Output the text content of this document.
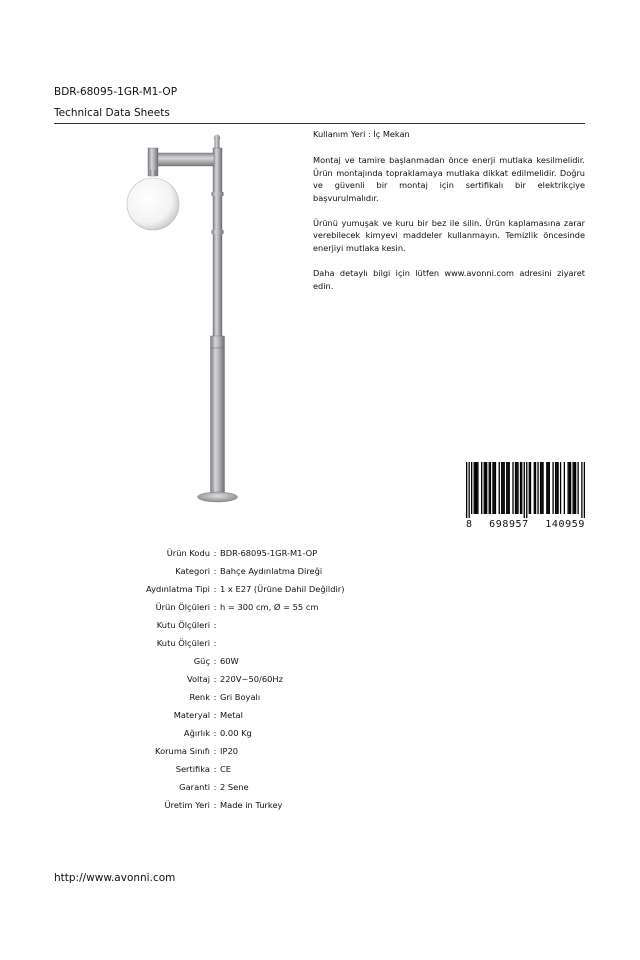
BDR-68095-1GR-M1-OP
Technical Data Sheets

Kullanım Yeri : İç Mekan

Montaj ve tamire başlanmadan önce enerji mutlaka kesilmelidir. Ürün montajında topraklamaya mutlaka dikkat edilmelidir. Doğru ve güvenli bir montaj için sertifikalı bir elektrikçiye başvurulmalıdır.

Ürünü yumuşak ve kuru bir bez ile silin. Ürün kaplamasına zarar verebilecek kimyevi maddeler kullanmayın. Temizlik öncesinde enerjiyi mutlaka kesin.

Daha detaylı bilgi için lütfen www.avonni.com adresini ziyaret edin.

8 698957 140959
Ürün Kodu : BDR-68095-1GR-M1-OP
Kategori : Bahçe Aydınlatma Direği
Aydınlatma Tipi : 1 x E27 (Ürüne Dahil Değildir)
Ürün Ölçüleri : h = 300 cm, Ø = 55 cm
Kutu Ölçüleri :
Kutu Ölçüleri :
Güç : 60W
Voltaj : 220V~50/60Hz
Renk : Gri Boyalı
Materyal : Metal
Ağırlık : 0.00 Kg
Koruma Sınıfı : IP20
Sertifika : CE
Garanti : 2 Sene
Üretim Yeri : Made in Turkey
http://www.avonni.com
